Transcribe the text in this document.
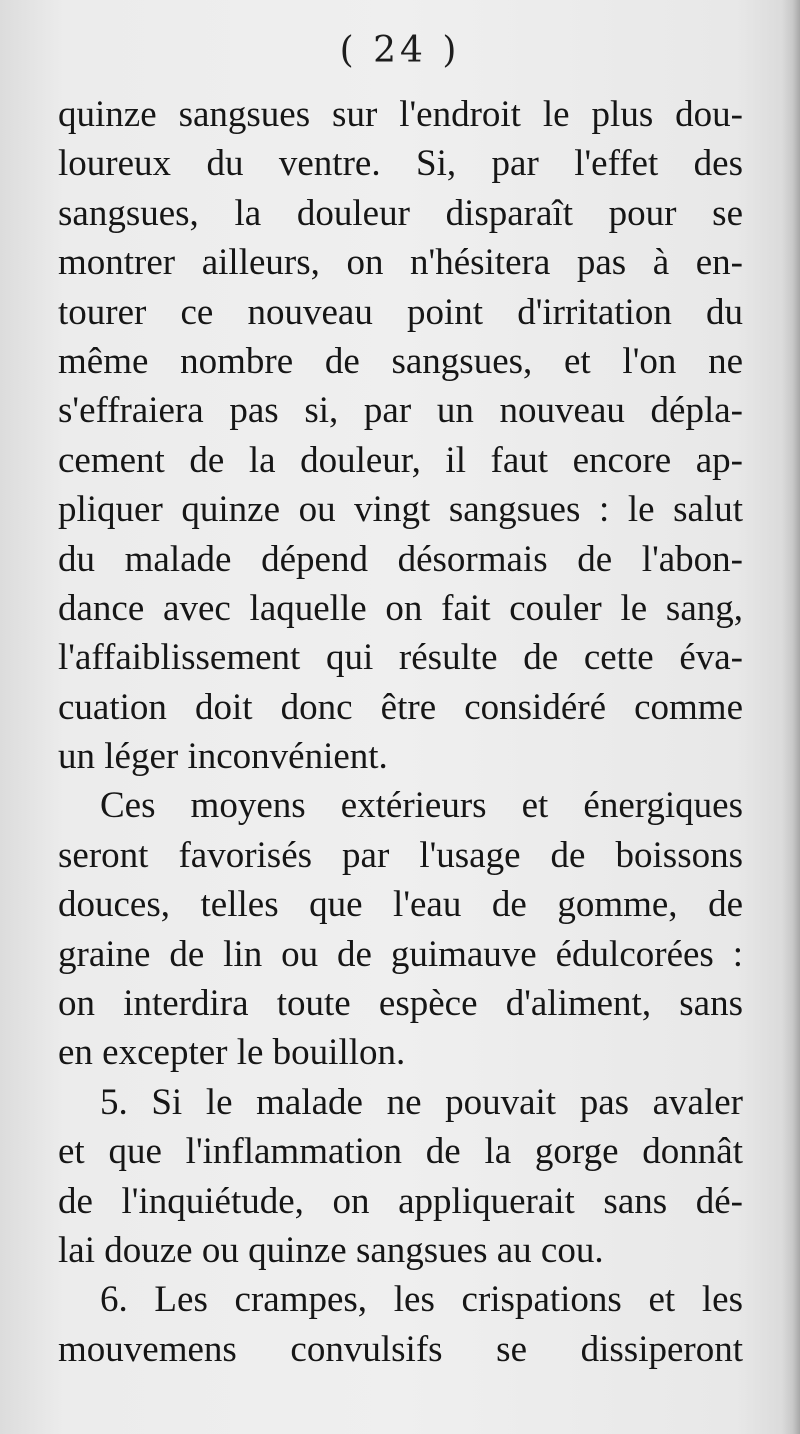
( 24 )
quinze sangsues sur l'endroit le plus dou-
loureux du ventre. Si, par l'effet des
sangsues, la douleur disparaît pour se
montrer ailleurs, on n'hésitera pas à en-
tourer ce nouveau point d'irritation du
même nombre de sangsues, et l'on ne
s'effraiera pas si, par un nouveau dépla-
cement de la douleur, il faut encore ap-
pliquer quinze ou vingt sangsues : le salut
du malade dépend désormais de l'abon-
dance avec laquelle on fait couler le sang,
l'affaiblissement qui résulte de cette éva-
cuation doit donc être considéré comme
un léger inconvénient.
Ces moyens extérieurs et énergiques
seront favorisés par l'usage de boissons
douces, telles que l'eau de gomme, de
graine de lin ou de guimauve édulcorées :
on interdira toute espèce d'aliment, sans
en excepter le bouillon.
5. Si le malade ne pouvait pas avaler
et que l'inflammation de la gorge donnât
de l'inquiétude, on appliquerait sans dé-
lai douze ou quinze sangsues au cou.
6. Les crampes, les crispations et les
mouvemens convulsifs se dissiperont
